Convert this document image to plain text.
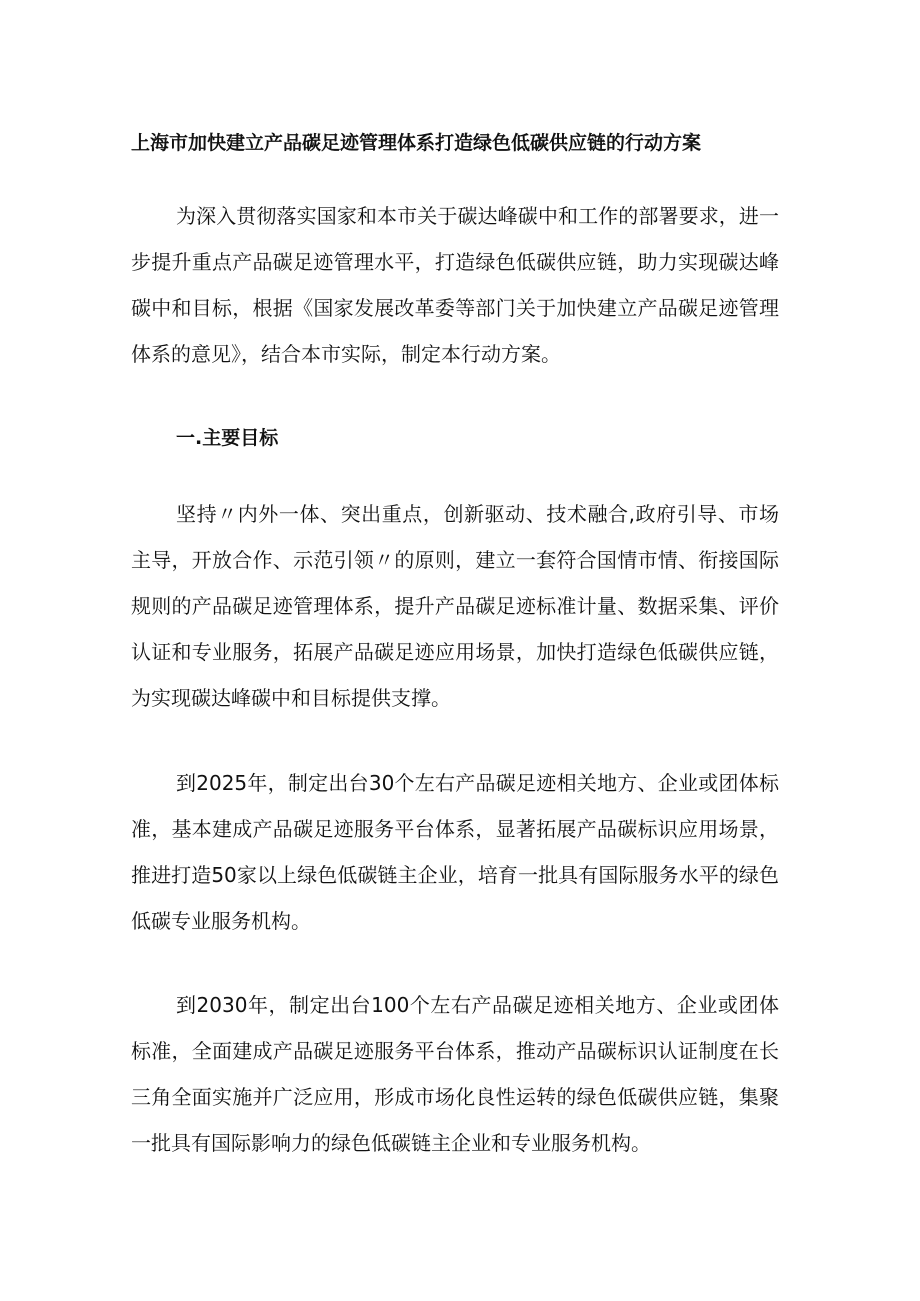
上海市加快建立产品碳足迹管理体系打造绿色低碳供应链的行动方案

为深入贯彻落实国家和本市关于碳达峰碳中和工作的部署要求，进一步提升重点产品碳足迹管理水平，打造绿色低碳供应链，助力实现碳达峰碳中和目标，根据《国家发展改革委等部门关于加快建立产品碳足迹管理体系的意见》，结合本市实际，制定本行动方案。

一.主要目标

坚持〃内外一体、突出重点，创新驱动、技术融合,政府引导、市场主导，开放合作、示范引领〃的原则，建立一套符合国情市情、衔接国际规则的产品碳足迹管理体系，提升产品碳足迹标准计量、数据采集、评价认证和专业服务，拓展产品碳足迹应用场景，加快打造绿色低碳供应链，为实现碳达峰碳中和目标提供支撑。

到2025年，制定出台30个左右产品碳足迹相关地方、企业或团体标准，基本建成产品碳足迹服务平台体系，显著拓展产品碳标识应用场景，推进打造50家以上绿色低碳链主企业，培育一批具有国际服务水平的绿色低碳专业服务机构。

到2030年，制定出台100个左右产品碳足迹相关地方、企业或团体标准，全面建成产品碳足迹服务平台体系，推动产品碳标识认证制度在长三角全面实施并广泛应用，形成市场化良性运转的绿色低碳供应链，集聚一批具有国际影响力的绿色低碳链主企业和专业服务机构。
